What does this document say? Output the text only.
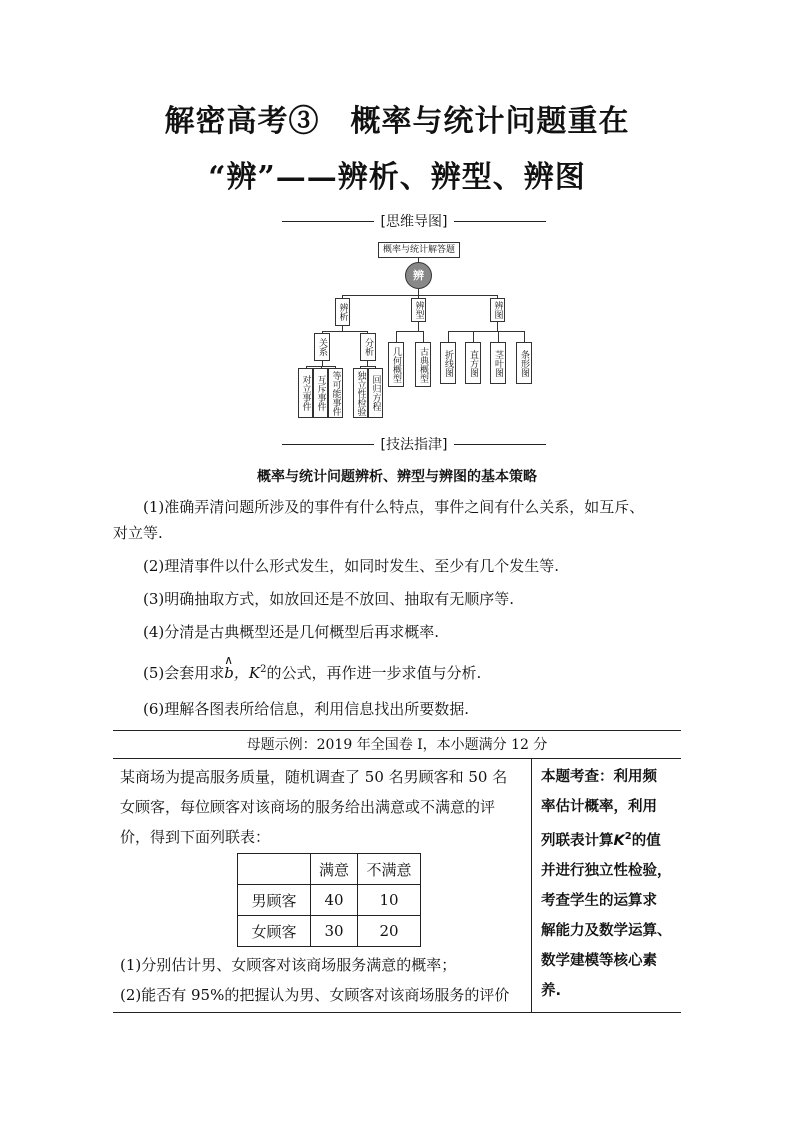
解密高考③　概率与统计问题重在
“辨”——辨析、辨型、辨图
[思维导图]
概率与统计解答题
辨
辨析	辨型	辨图
关系	分析
对立事件 互斥事件 等可能事件 独立性检验 回归方程
几何概型	古典概型	折线图	直方图	茎叶图	条形图
[技法指津]
概率与统计问题辨析、辨型与辨图的基本策略
(1)准确弄清问题所涉及的事件有什么特点，事件之间有什么关系，如互斥、
对立等.
(2)理清事件以什么形式发生，如同时发生、至少有几个发生等.
(3)明确抽取方式，如放回还是不放回、抽取有无顺序等.
(4)分清是古典概型还是几何概型后再求概率.
(5)会套用求
∧
b，$K^2$的公式，再作进一步求值与分析.
(6)理解各图表所给信息，利用信息找出所要数据.
母题示例：2019 年全国卷 Ⅰ，本小题满分 12 分
某商场为提高服务质量，随机调查了 50 名男顾客和 50 名
女顾客，每位顾客对该商场的服务给出满意或不满意的评
价，得到下面列联表：
	满意	不满意
男顾客	40	10
女顾客	30	20
(1)分别估计男、女顾客对该商场服务满意的概率；
(2)能否有 95%的把握认为男、女顾客对该商场服务的评价
本题考查：利用频
率估计概率，利用
列联表计算$K^2$的值
并进行独立性检验，
考查学生的运算求
解能力及数学运算、
数学建模等核心素
养.
